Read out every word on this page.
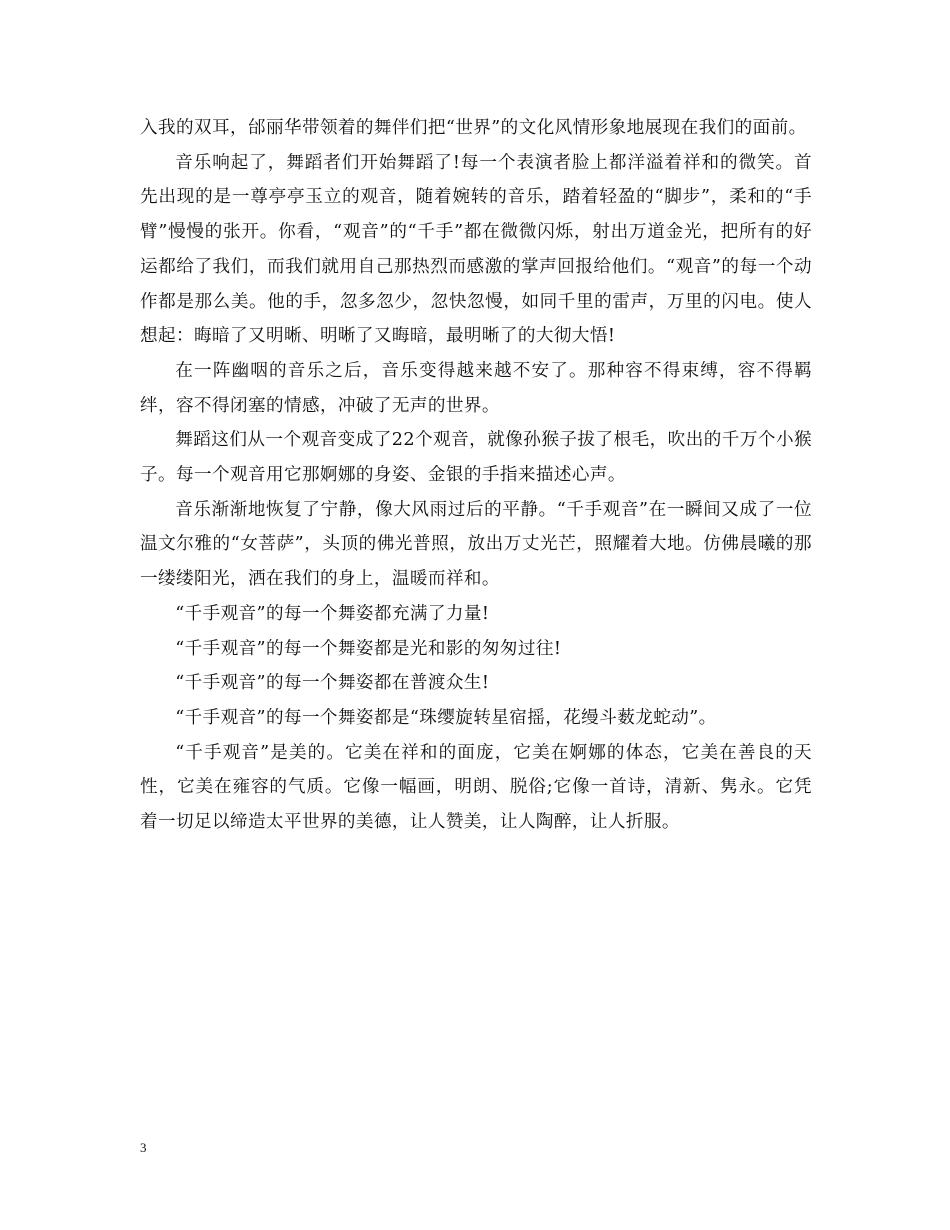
入我的双耳，邰丽华带领着的舞伴们把“世界”的文化风情形象地展现在我们的面前。

音乐响起了，舞蹈者们开始舞蹈了!每一个表演者脸上都洋溢着祥和的微笑。首先出现的是一尊亭亭玉立的观音，随着婉转的音乐，踏着轻盈的“脚步”，柔和的“手臂”慢慢的张开。你看，“观音”的“千手”都在微微闪烁，射出万道金光，把所有的好运都给了我们，而我们就用自己那热烈而感激的掌声回报给他们。“观音”的每一个动作都是那么美。他的手，忽多忽少，忽快忽慢，如同千里的雷声，万里的闪电。使人想起：晦暗了又明晰、明晰了又晦暗，最明晰了的大彻大悟!

在一阵幽咽的音乐之后，音乐变得越来越不安了。那种容不得束缚，容不得羁绊，容不得闭塞的情感，冲破了无声的世界。

舞蹈这们从一个观音变成了22个观音，就像孙猴子拔了根毛，吹出的千万个小猴子。每一个观音用它那婀娜的身姿、金银的手指来描述心声。

音乐渐渐地恢复了宁静，像大风雨过后的平静。“千手观音”在一瞬间又成了一位温文尔雅的“女菩萨”，头顶的佛光普照，放出万丈光芒，照耀着大地。仿佛晨曦的那一缕缕阳光，洒在我们的身上，温暖而祥和。

“千手观音”的每一个舞姿都充满了力量!

“千手观音”的每一个舞姿都是光和影的匆匆过往!

“千手观音”的每一个舞姿都在普渡众生!

“千手观音”的每一个舞姿都是“珠缨旋转星宿摇，花缦斗薮龙蛇动”。

“千手观音”是美的。它美在祥和的面庞，它美在婀娜的体态，它美在善良的天性，它美在雍容的气质。它像一幅画，明朗、脱俗;它像一首诗，清新、隽永。它凭着一切足以缔造太平世界的美德，让人赞美，让人陶醉，让人折服。

3
